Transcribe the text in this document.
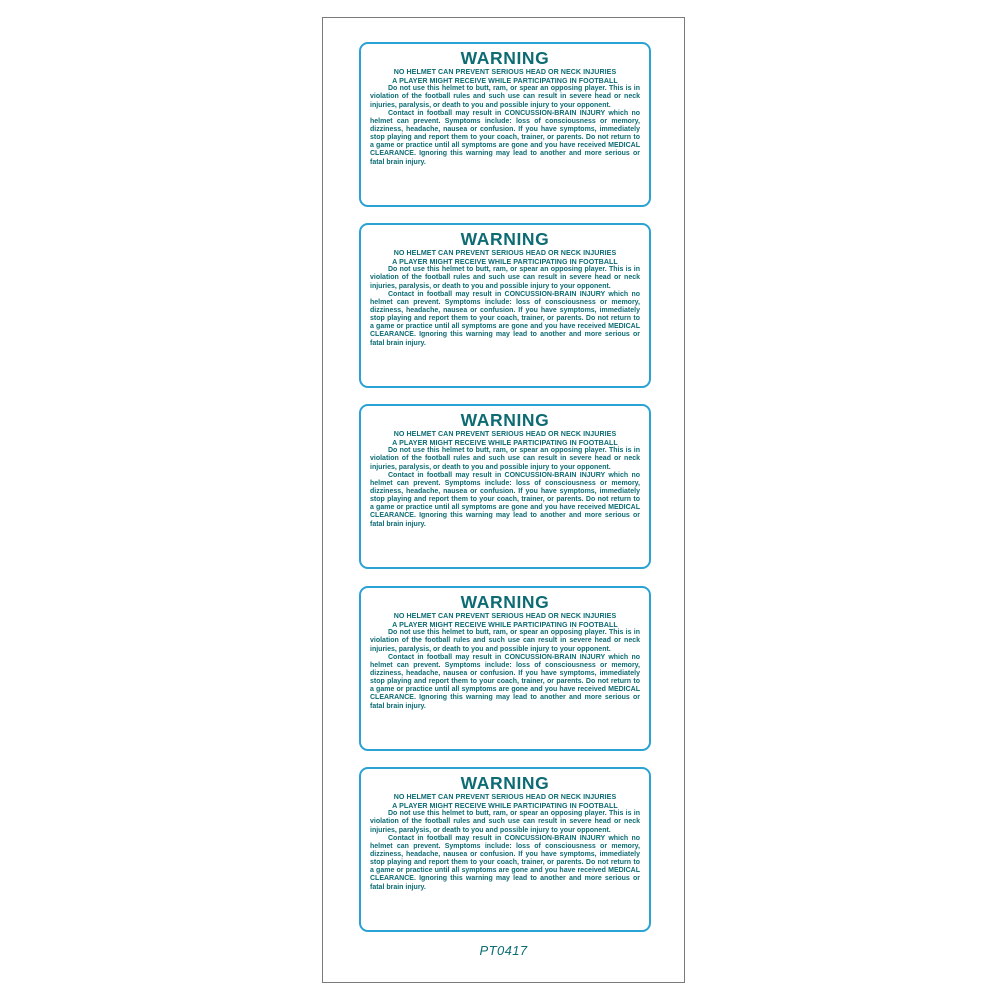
WARNING
NO HELMET CAN PREVENT SERIOUS HEAD OR NECK INJURIES
A PLAYER MIGHT RECEIVE WHILE PARTICIPATING IN FOOTBALL

Do not use this helmet to butt, ram, or spear an opposing player. This is in violation of the football rules and such use can result in severe head or neck injuries, paralysis, or death to you and possible injury to your opponent.

Contact in football may result in CONCUSSION-BRAIN INJURY which no helmet can prevent. Symptoms include: loss of consciousness or memory, dizziness, headache, nausea or confusion. If you have symptoms, immediately stop playing and report them to your coach, trainer, or parents. Do not return to a game or practice until all symptoms are gone and you have received MEDICAL CLEARANCE. Ignoring this warning may lead to another and more serious or fatal brain injury.

WARNING
NO HELMET CAN PREVENT SERIOUS HEAD OR NECK INJURIES
A PLAYER MIGHT RECEIVE WHILE PARTICIPATING IN FOOTBALL

Do not use this helmet to butt, ram, or spear an opposing player. This is in violation of the football rules and such use can result in severe head or neck injuries, paralysis, or death to you and possible injury to your opponent.

Contact in football may result in CONCUSSION-BRAIN INJURY which no helmet can prevent. Symptoms include: loss of consciousness or memory, dizziness, headache, nausea or confusion. If you have symptoms, immediately stop playing and report them to your coach, trainer, or parents. Do not return to a game or practice until all symptoms are gone and you have received MEDICAL CLEARANCE. Ignoring this warning may lead to another and more serious or fatal brain injury.

WARNING
NO HELMET CAN PREVENT SERIOUS HEAD OR NECK INJURIES
A PLAYER MIGHT RECEIVE WHILE PARTICIPATING IN FOOTBALL

Do not use this helmet to butt, ram, or spear an opposing player. This is in violation of the football rules and such use can result in severe head or neck injuries, paralysis, or death to you and possible injury to your opponent.

Contact in football may result in CONCUSSION-BRAIN INJURY which no helmet can prevent. Symptoms include: loss of consciousness or memory, dizziness, headache, nausea or confusion. If you have symptoms, immediately stop playing and report them to your coach, trainer, or parents. Do not return to a game or practice until all symptoms are gone and you have received MEDICAL CLEARANCE. Ignoring this warning may lead to another and more serious or fatal brain injury.

WARNING
NO HELMET CAN PREVENT SERIOUS HEAD OR NECK INJURIES
A PLAYER MIGHT RECEIVE WHILE PARTICIPATING IN FOOTBALL

Do not use this helmet to butt, ram, or spear an opposing player. This is in violation of the football rules and such use can result in severe head or neck injuries, paralysis, or death to you and possible injury to your opponent.

Contact in football may result in CONCUSSION-BRAIN INJURY which no helmet can prevent. Symptoms include: loss of consciousness or memory, dizziness, headache, nausea or confusion. If you have symptoms, immediately stop playing and report them to your coach, trainer, or parents. Do not return to a game or practice until all symptoms are gone and you have received MEDICAL CLEARANCE. Ignoring this warning may lead to another and more serious or fatal brain injury.

WARNING
NO HELMET CAN PREVENT SERIOUS HEAD OR NECK INJURIES
A PLAYER MIGHT RECEIVE WHILE PARTICIPATING IN FOOTBALL

Do not use this helmet to butt, ram, or spear an opposing player. This is in violation of the football rules and such use can result in severe head or neck injuries, paralysis, or death to you and possible injury to your opponent.

Contact in football may result in CONCUSSION-BRAIN INJURY which no helmet can prevent. Symptoms include: loss of consciousness or memory, dizziness, headache, nausea or confusion. If you have symptoms, immediately stop playing and report them to your coach, trainer, or parents. Do not return to a game or practice until all symptoms are gone and you have received MEDICAL CLEARANCE. Ignoring this warning may lead to another and more serious or fatal brain injury.

PT0417
